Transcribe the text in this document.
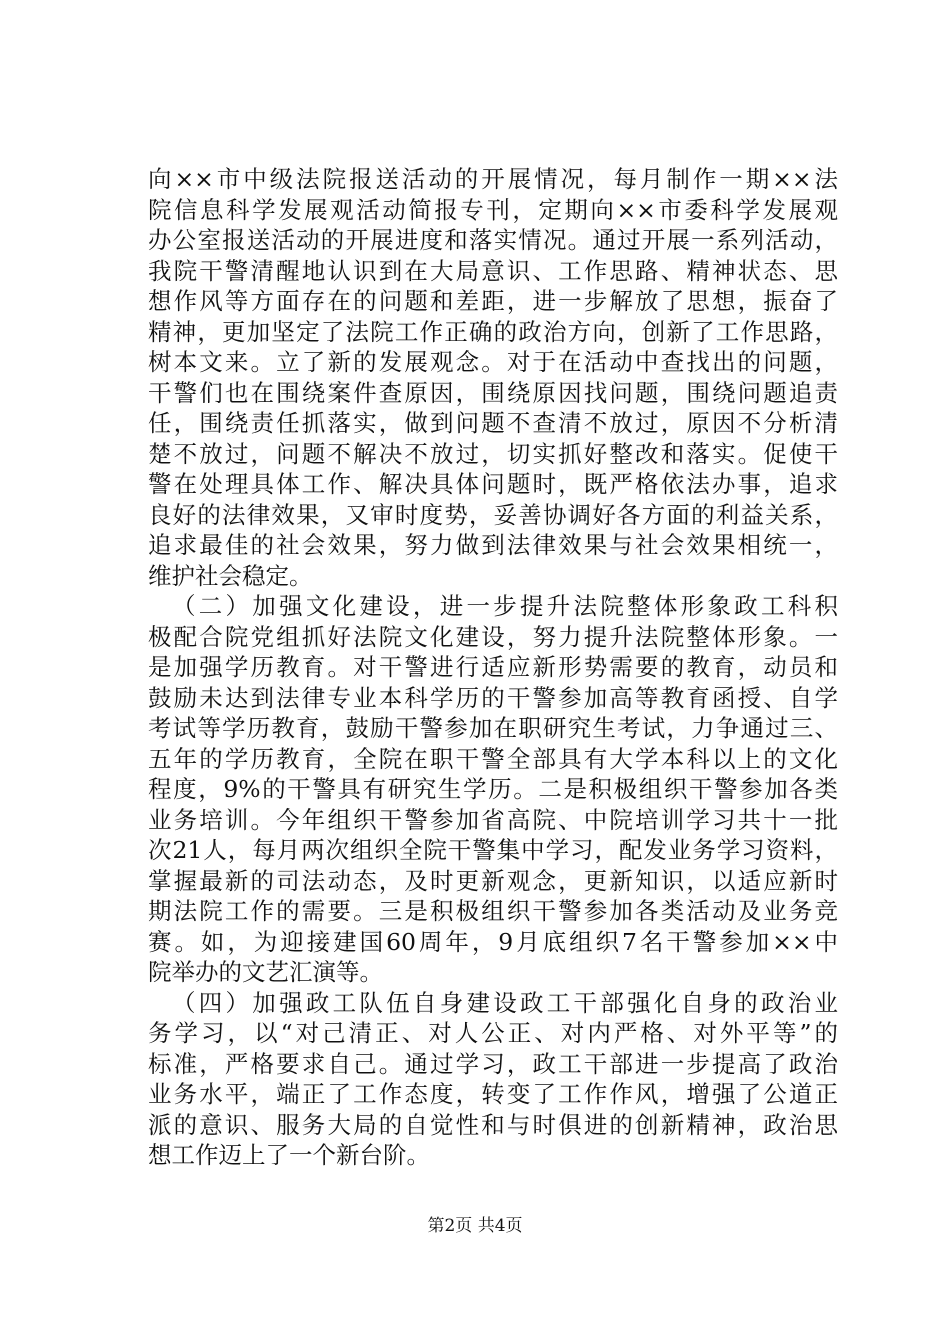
向××市中级法院报送活动的开展情况，每月制作一期××法
院信息科学发展观活动简报专刊，定期向××市委科学发展观
办公室报送活动的开展进度和落实情况。通过开展一系列活动，
我院干警清醒地认识到在大局意识、工作思路、精神状态、思
想作风等方面存在的问题和差距，进一步解放了思想，振奋了
精神，更加坚定了法院工作正确的政治方向，创新了工作思路，
树本文来。立了新的发展观念。对于在活动中查找出的问题，
干警们也在围绕案件查原因，围绕原因找问题，围绕问题追责
任，围绕责任抓落实，做到问题不查清不放过，原因不分析清
楚不放过，问题不解决不放过，切实抓好整改和落实。促使干
警在处理具体工作、解决具体问题时，既严格依法办事，追求
良好的法律效果，又审时度势，妥善协调好各方面的利益关系，
追求最佳的社会效果，努力做到法律效果与社会效果相统一，
维护社会稳定。
（二）加强文化建设，进一步提升法院整体形象政工科积
极配合院党组抓好法院文化建设，努力提升法院整体形象。一
是加强学历教育。对干警进行适应新形势需要的教育，动员和
鼓励未达到法律专业本科学历的干警参加高等教育函授、自学
考试等学历教育，鼓励干警参加在职研究生考试，力争通过三、
五年的学历教育，全院在职干警全部具有大学本科以上的文化
程度，9%的干警具有研究生学历。二是积极组织干警参加各类
业务培训。今年组织干警参加省高院、中院培训学习共十一批
次21人，每月两次组织全院干警集中学习，配发业务学习资料，
掌握最新的司法动态，及时更新观念，更新知识，以适应新时
期法院工作的需要。三是积极组织干警参加各类活动及业务竞
赛。如，为迎接建国60周年，9月底组织7名干警参加××中
院举办的文艺汇演等。
（四）加强政工队伍自身建设政工干部强化自身的政治业
务学习，以“对己清正、对人公正、对内严格、对外平等”的
标准，严格要求自己。通过学习，政工干部进一步提高了政治
业务水平，端正了工作态度，转变了工作作风，增强了公道正
派的意识、服务大局的自觉性和与时俱进的创新精神，政治思
想工作迈上了一个新台阶。
第2页 共4页
